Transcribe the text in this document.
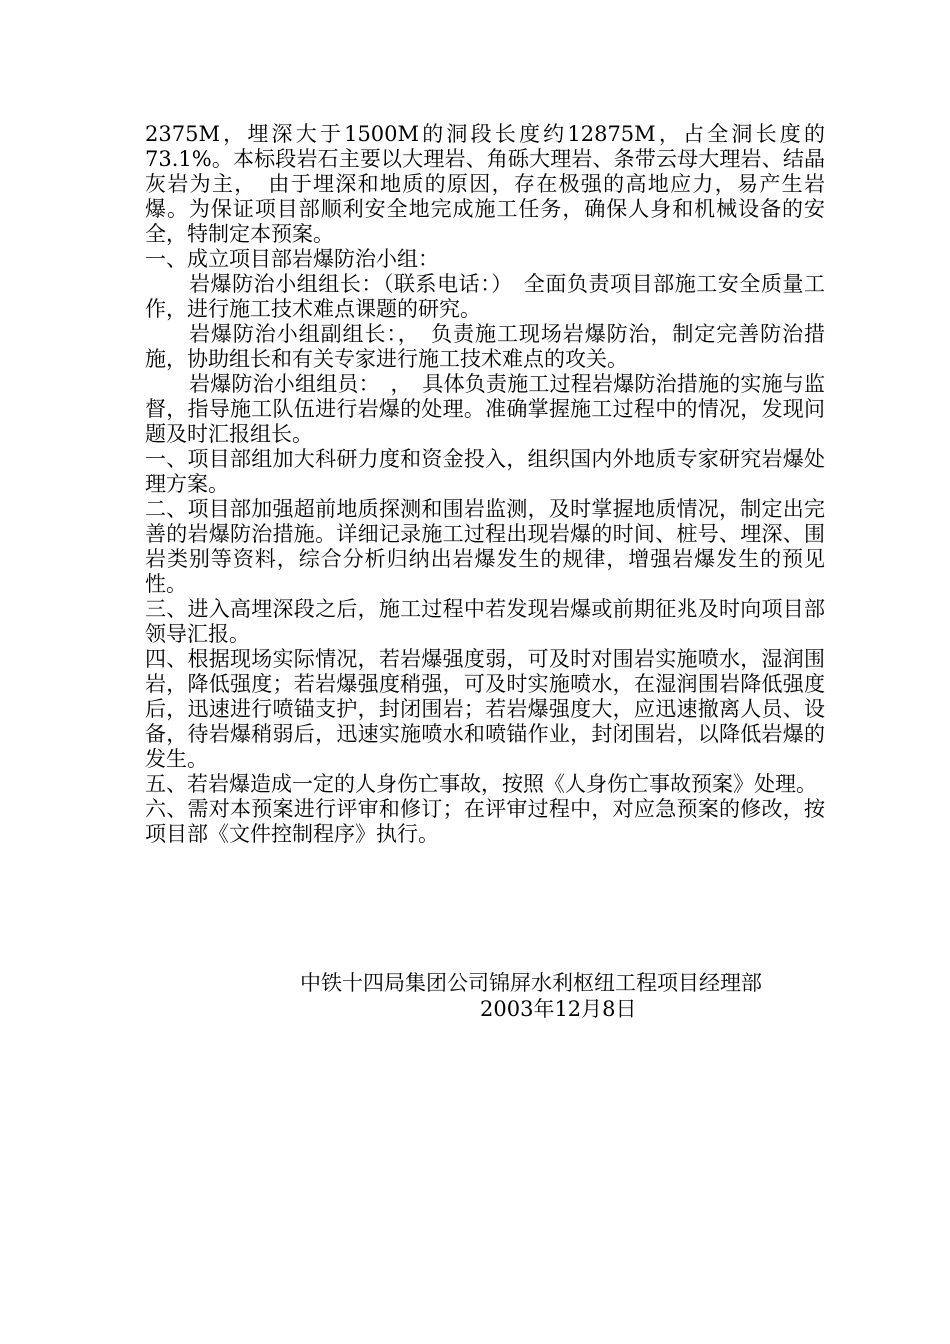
2375M，埋深大于1500M的洞段长度约12875M，占全洞长度的73.1%。本标段岩石主要以大理岩、角砾大理岩、条带云母大理岩、结晶灰岩为主，　由于埋深和地质的原因，存在极强的高地应力，易产生岩爆。为保证项目部顺利安全地完成施工任务，确保人身和机械设备的安全，特制定本预案。

一、成立项目部岩爆防治小组：

岩爆防治小组组长：（联系电话：）　全面负责项目部施工安全质量工作，进行施工技术难点课题的研究。

岩爆防治小组副组长：，　负责施工现场岩爆防治，制定完善防治措施，协助组长和有关专家进行施工技术难点的攻关。

岩爆防治小组组员：　，　具体负责施工过程岩爆防治措施的实施与监督，指导施工队伍进行岩爆的处理。准确掌握施工过程中的情况，发现问题及时汇报组长。

一、项目部组加大科研力度和资金投入，组织国内外地质专家研究岩爆处理方案。

二、项目部加强超前地质探测和围岩监测，及时掌握地质情况，制定出完善的岩爆防治措施。详细记录施工过程出现岩爆的时间、桩号、埋深、围岩类别等资料，综合分析归纳出岩爆发生的规律，增强岩爆发生的预见性。

三、进入高埋深段之后，施工过程中若发现岩爆或前期征兆及时向项目部领导汇报。

四、根据现场实际情况，若岩爆强度弱，可及时对围岩实施喷水，湿润围岩，降低强度；若岩爆强度稍强，可及时实施喷水，在湿润围岩降低强度后，迅速进行喷锚支护，封闭围岩；若岩爆强度大，应迅速撤离人员、设备，待岩爆稍弱后，迅速实施喷水和喷锚作业，封闭围岩，以降低岩爆的发生。

五、若岩爆造成一定的人身伤亡事故，按照《人身伤亡事故预案》处理。

六、需对本预案进行评审和修订；在评审过程中，对应急预案的修改，按项目部《文件控制程序》执行。

中铁十四局集团公司锦屏水利枢纽工程项目经理部

2003年12月8日
